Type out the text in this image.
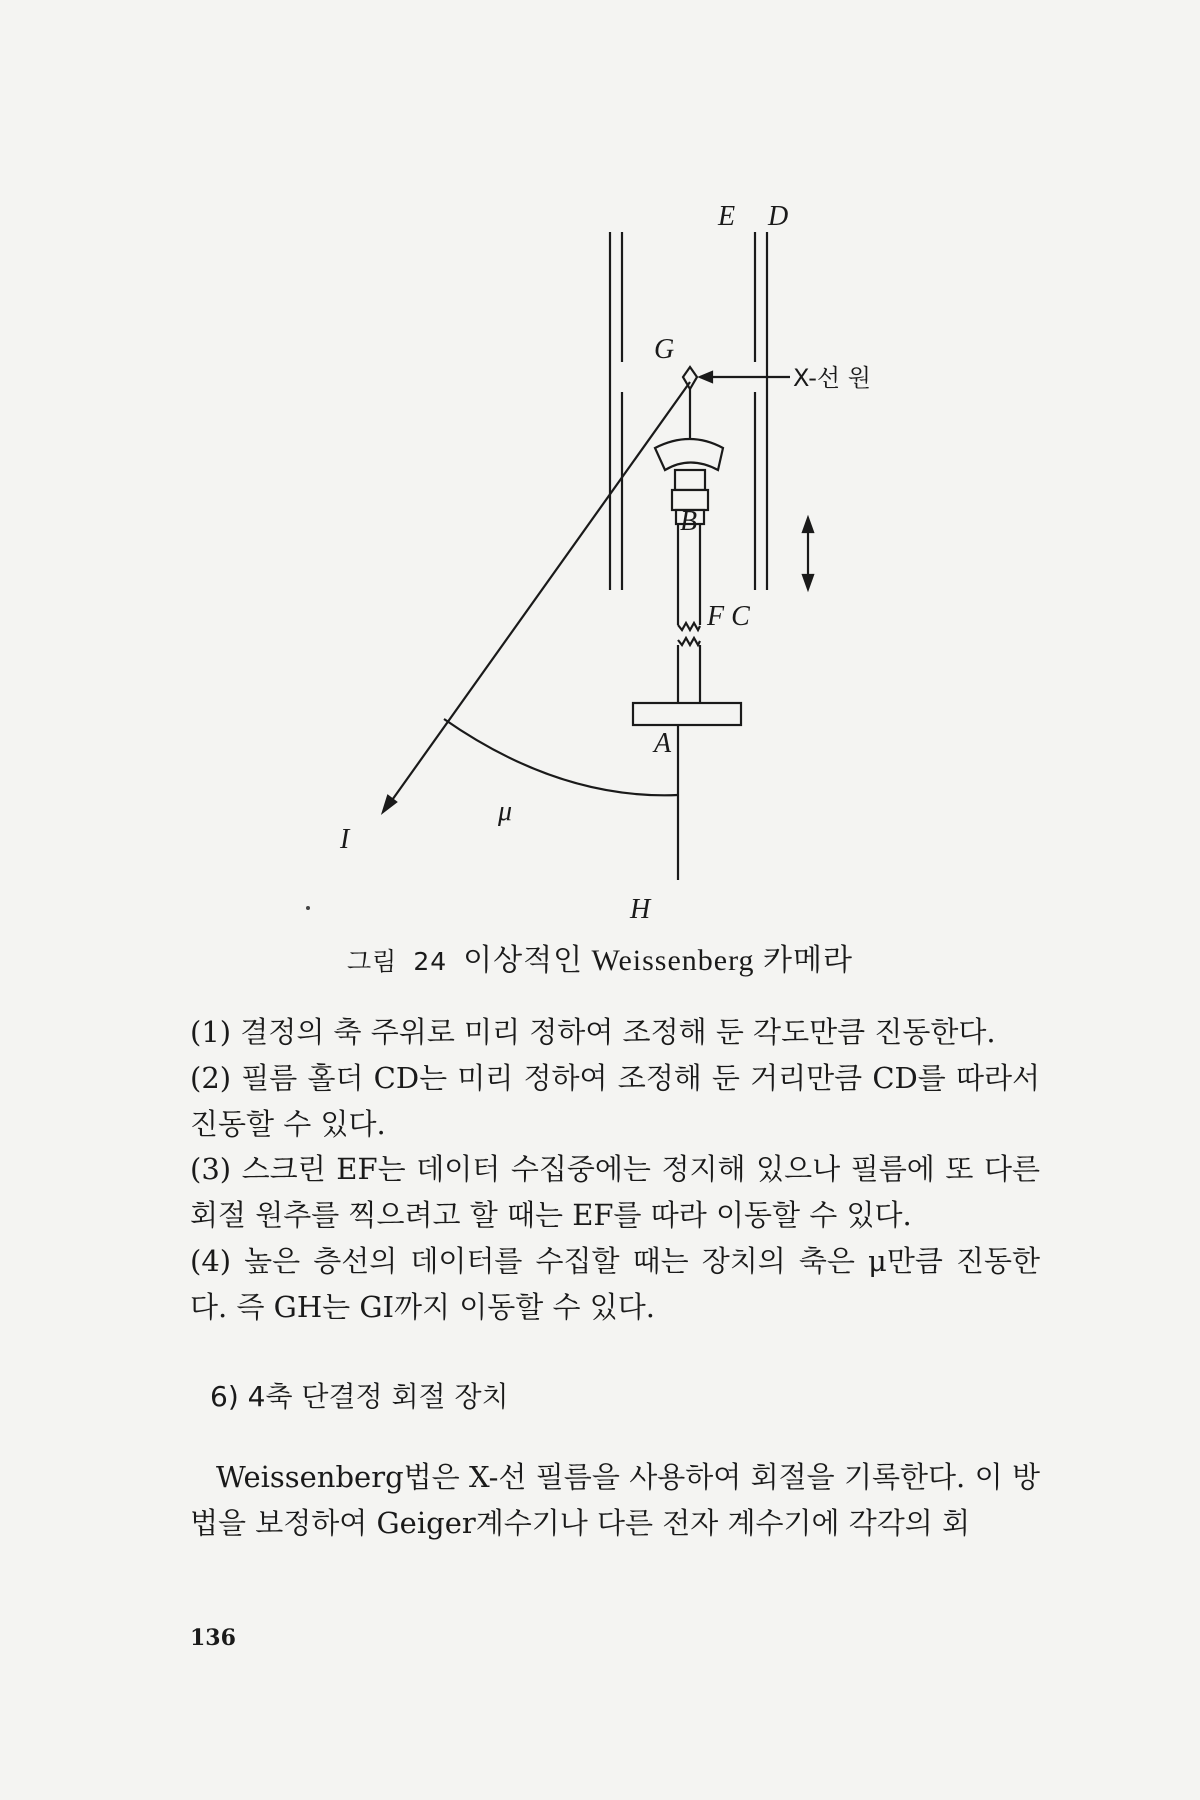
E D
G
X-선 원
B
F C
A
μ
I
H
그림 24 이상적인 Weissenberg 카메라

(1) 결정의 축 주위로 미리 정하여 조정해 둔 각도만큼 진동한다.

(2) 필름 홀더 CD는 미리 정하여 조정해 둔 거리만큼 CD를 따라서 진동할 수 있다.

(3) 스크린 EF는 데이터 수집중에는 정지해 있으나 필름에 또 다른 회절 원추를 찍으려고 할 때는 EF를 따라 이동할 수 있다.

(4) 높은 층선의 데이터를 수집할 때는 장치의 축은 μ만큼 진동한다. 즉 GH는 GI까지 이동할 수 있다.

6) 4축 단결정 회절 장치

Weissenberg법은 X-선 필름을 사용하여 회절을 기록한다. 이 방법을 보정하여 Geiger계수기나 다른 전자 계수기에 각각의 회

136
